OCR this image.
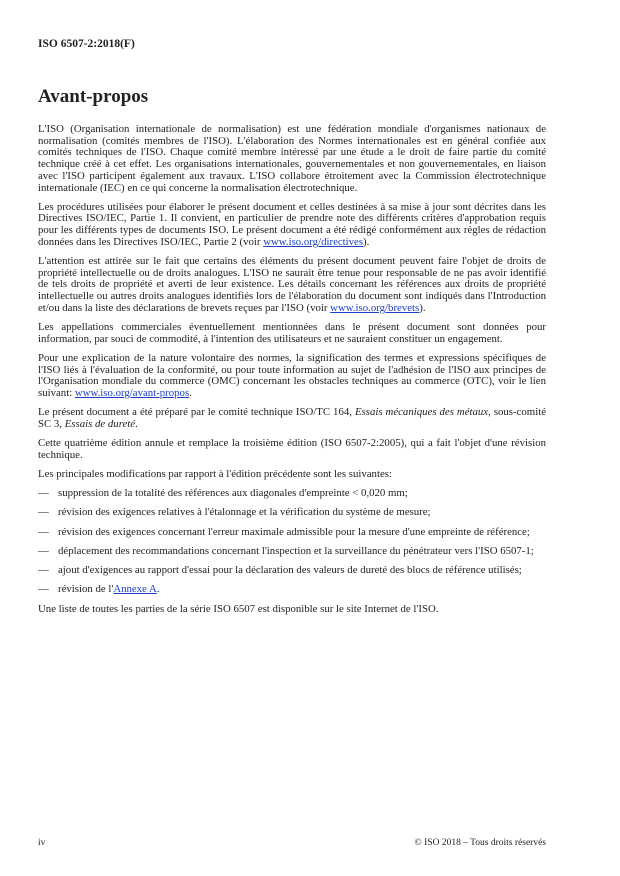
ISO 6507-2:2018(F)
Avant-propos

L'ISO (Organisation internationale de normalisation) est une fédération mondiale d'organismes nationaux de normalisation (comités membres de l'ISO). L'élaboration des Normes internationales est en général confiée aux comités techniques de l'ISO. Chaque comité membre intéressé par une étude a le droit de faire partie du comité technique créé à cet effet. Les organisations internationales, gouvernementales et non gouvernementales, en liaison avec l'ISO participent également aux travaux. L'ISO collabore étroitement avec la Commission électrotechnique internationale (IEC) en ce qui concerne la normalisation électrotechnique.

Les procédures utilisées pour élaborer le présent document et celles destinées à sa mise à jour sont décrites dans les Directives ISO/IEC, Partie 1. Il convient, en particulier de prendre note des différents critères d'approbation requis pour les différents types de documents ISO. Le présent document a été rédigé conformément aux règles de rédaction données dans les Directives ISO/IEC, Partie 2 (voir www.iso.org/directives).

L'attention est attirée sur le fait que certains des éléments du présent document peuvent faire l'objet de droits de propriété intellectuelle ou de droits analogues. L'ISO ne saurait être tenue pour responsable de ne pas avoir identifié de tels droits de propriété et averti de leur existence. Les détails concernant les références aux droits de propriété intellectuelle ou autres droits analogues identifiés lors de l'élaboration du document sont indiqués dans l'Introduction et/ou dans la liste des déclarations de brevets reçues par l'ISO (voir www.iso.org/brevets).

Les appellations commerciales éventuellement mentionnées dans le présent document sont données pour information, par souci de commodité, à l'intention des utilisateurs et ne sauraient constituer un engagement.

Pour une explication de la nature volontaire des normes, la signification des termes et expressions spécifiques de l'ISO liés à l'évaluation de la conformité, ou pour toute information au sujet de l'adhésion de l'ISO aux principes de l'Organisation mondiale du commerce (OMC) concernant les obstacles techniques au commerce (OTC), voir le lien suivant: www.iso.org/avant-propos.

Le présent document a été préparé par le comité technique ISO/TC 164, Essais mécaniques des métaux, sous-comité SC 3, Essais de dureté.

Cette quatrième édition annule et remplace la troisième édition (ISO 6507-2:2005), qui a fait l'objet d'une révision technique.

Les principales modifications par rapport à l'édition précédente sont les suivantes:

— suppression de la totalité des références aux diagonales d'empreinte < 0,020 mm;
— révision des exigences relatives à l'étalonnage et la vérification du système de mesure;
— révision des exigences concernant l'erreur maximale admissible pour la mesure d'une empreinte de référence;
— déplacement des recommandations concernant l'inspection et la surveillance du pénétrateur vers l'ISO 6507-1;
— ajout d'exigences au rapport d'essai pour la déclaration des valeurs de dureté des blocs de référence utilisés;
— révision de l'Annexe A.

Une liste de toutes les parties de la série ISO 6507 est disponible sur le site Internet de l'ISO.

iv	© ISO 2018 – Tous droits réservés
